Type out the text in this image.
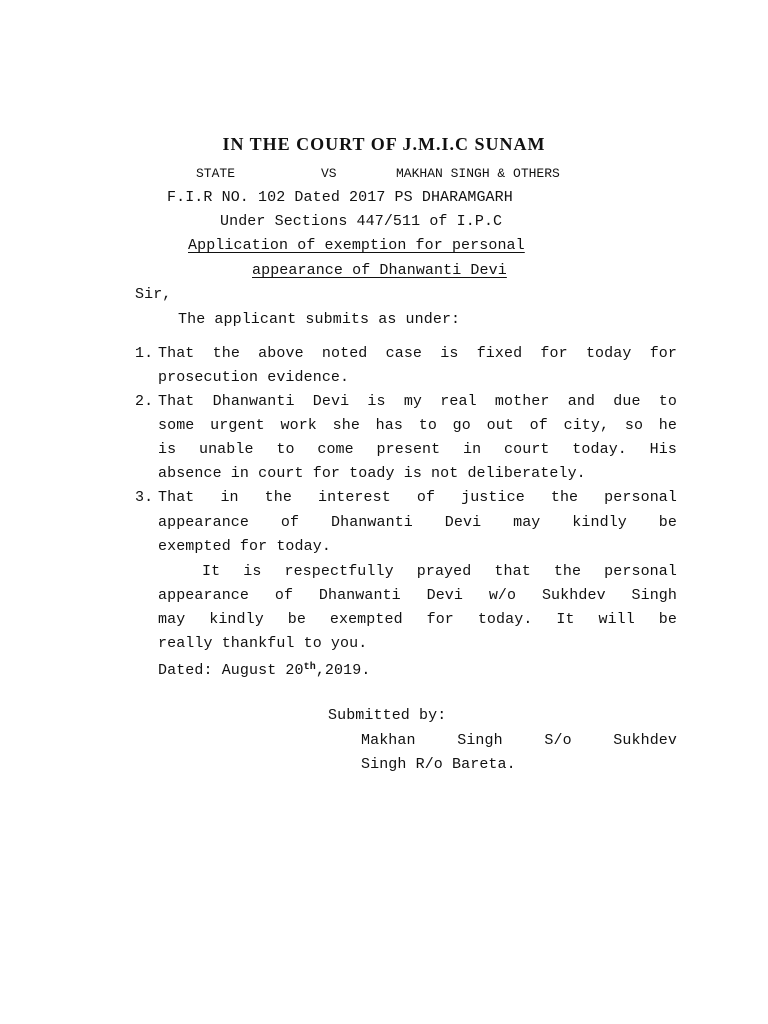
IN THE COURT OF J.M.I.C SUNAM
STATE	VS	MAKHAN SINGH & OTHERS
F.I.R NO. 102 Dated 2017 PS DHARAMGARH
Under Sections 447/511 of I.P.C
Application of exemption for personal
appearance of Dhanwanti Devi
Sir,
The applicant submits as under:
1. That the above noted case is fixed for today for
prosecution evidence.
2. That Dhanwanti Devi is my real mother and due to
some urgent work she has to go out of city, so he
is unable to come present in court today. His
absence in court for toady is not deliberately.
3. That in the interest of justice the personal
appearance of Dhanwanti Devi may kindly be
exempted for today.
It is respectfully prayed that the personal
appearance of Dhanwanti Devi w/o Sukhdev Singh
may kindly be exempted for today. It will be
really thankful to you.
Dated: August 20th,2019.
Submitted by:
Makhan Singh S/o Sukhdev
Singh R/o Bareta.
